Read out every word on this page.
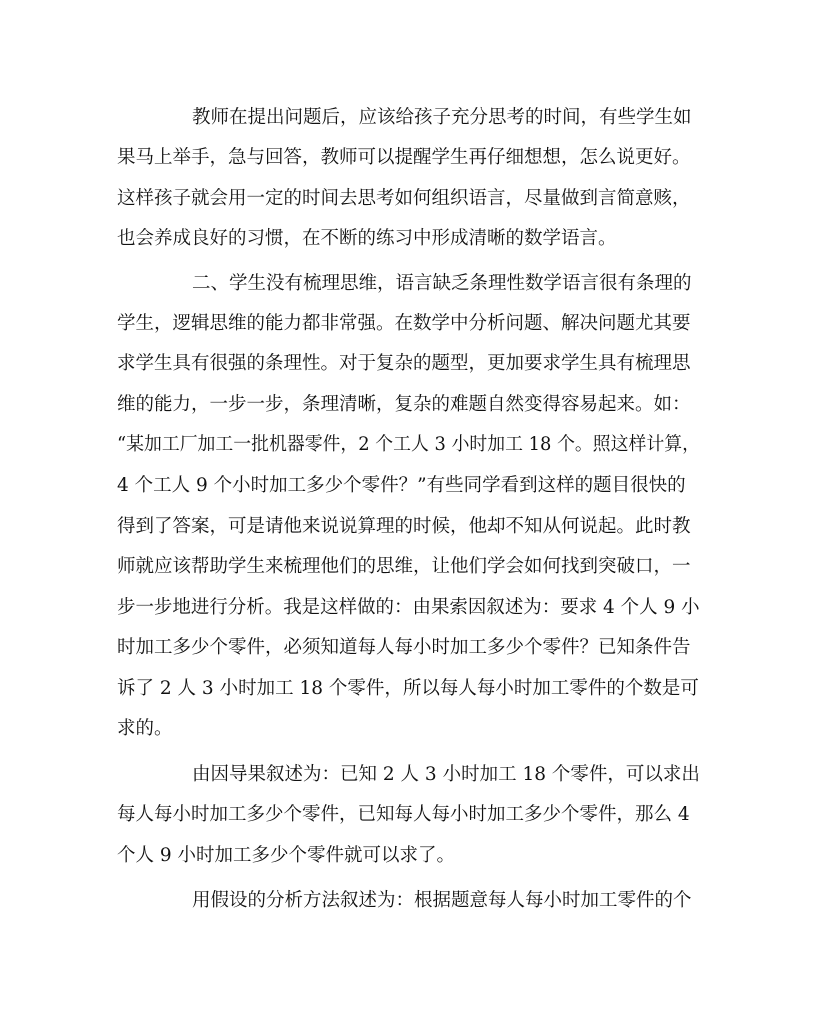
教师在提出问题后，应该给孩子充分思考的时间，有些学生如
果马上举手，急与回答，教师可以提醒学生再仔细想想，怎么说更好。
这样孩子就会用一定的时间去思考如何组织语言，尽量做到言简意赅，
也会养成良好的习惯，在不断的练习中形成清晰的数学语言。
二、学生没有梳理思维，语言缺乏条理性数学语言很有条理的
学生，逻辑思维的能力都非常强。在数学中分析问题、解决问题尤其要
求学生具有很强的条理性。对于复杂的题型，更加要求学生具有梳理思
维的能力，一步一步，条理清晰，复杂的难题自然变得容易起来。如：
“某加工厂加工一批机器零件，2 个工人 3 小时加工 18 个。照这样计算，
4 个工人 9 个小时加工多少个零件？”有些同学看到这样的题目很快的
得到了答案，可是请他来说说算理的时候，他却不知从何说起。此时教
师就应该帮助学生来梳理他们的思维，让他们学会如何找到突破口，一
步一步地进行分析。我是这样做的：由果索因叙述为：要求 4 个人 9 小
时加工多少个零件，必须知道每人每小时加工多少个零件？已知条件告
诉了 2 人 3 小时加工 18 个零件，所以每人每小时加工零件的个数是可
求的。
由因导果叙述为：已知 2 人 3 小时加工 18 个零件，可以求出
每人每小时加工多少个零件，已知每人每小时加工多少个零件，那么 4
个人 9 小时加工多少个零件就可以求了。
用假设的分析方法叙述为：根据题意每人每小时加工零件的个
